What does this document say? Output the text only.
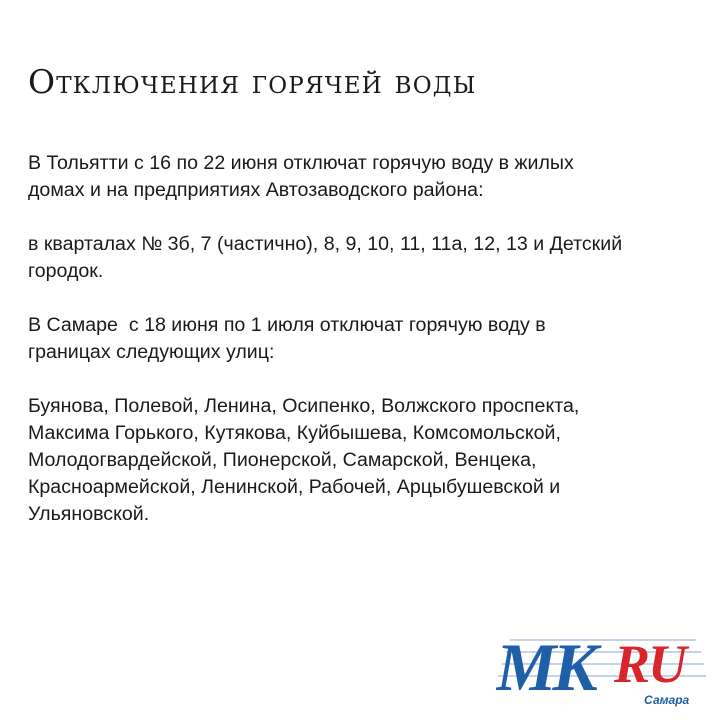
Отключения горячей воды

В Тольятти с 16 по 22 июня отключат горячую воду в жилых
домах и на предприятиях Автозаводского района:

в кварталах № 3б, 7 (частично), 8, 9, 10, 11, 11а, 12, 13 и Детский
городок.

В Самаре  с 18 июня по 1 июля отключат горячую воду в
границах следующих улиц:

Буянова, Полевой, Ленина, Осипенко, Волжского проспекта,
Максима Горького, Кутякова, Куйбышева, Комсомольской,
Молодогвардейской, Пионерской, Самарской, Венцека,
Красноармейской, Ленинской, Рабочей, Арцыбушевской и
Ульяновской.

MK RU
Самара
